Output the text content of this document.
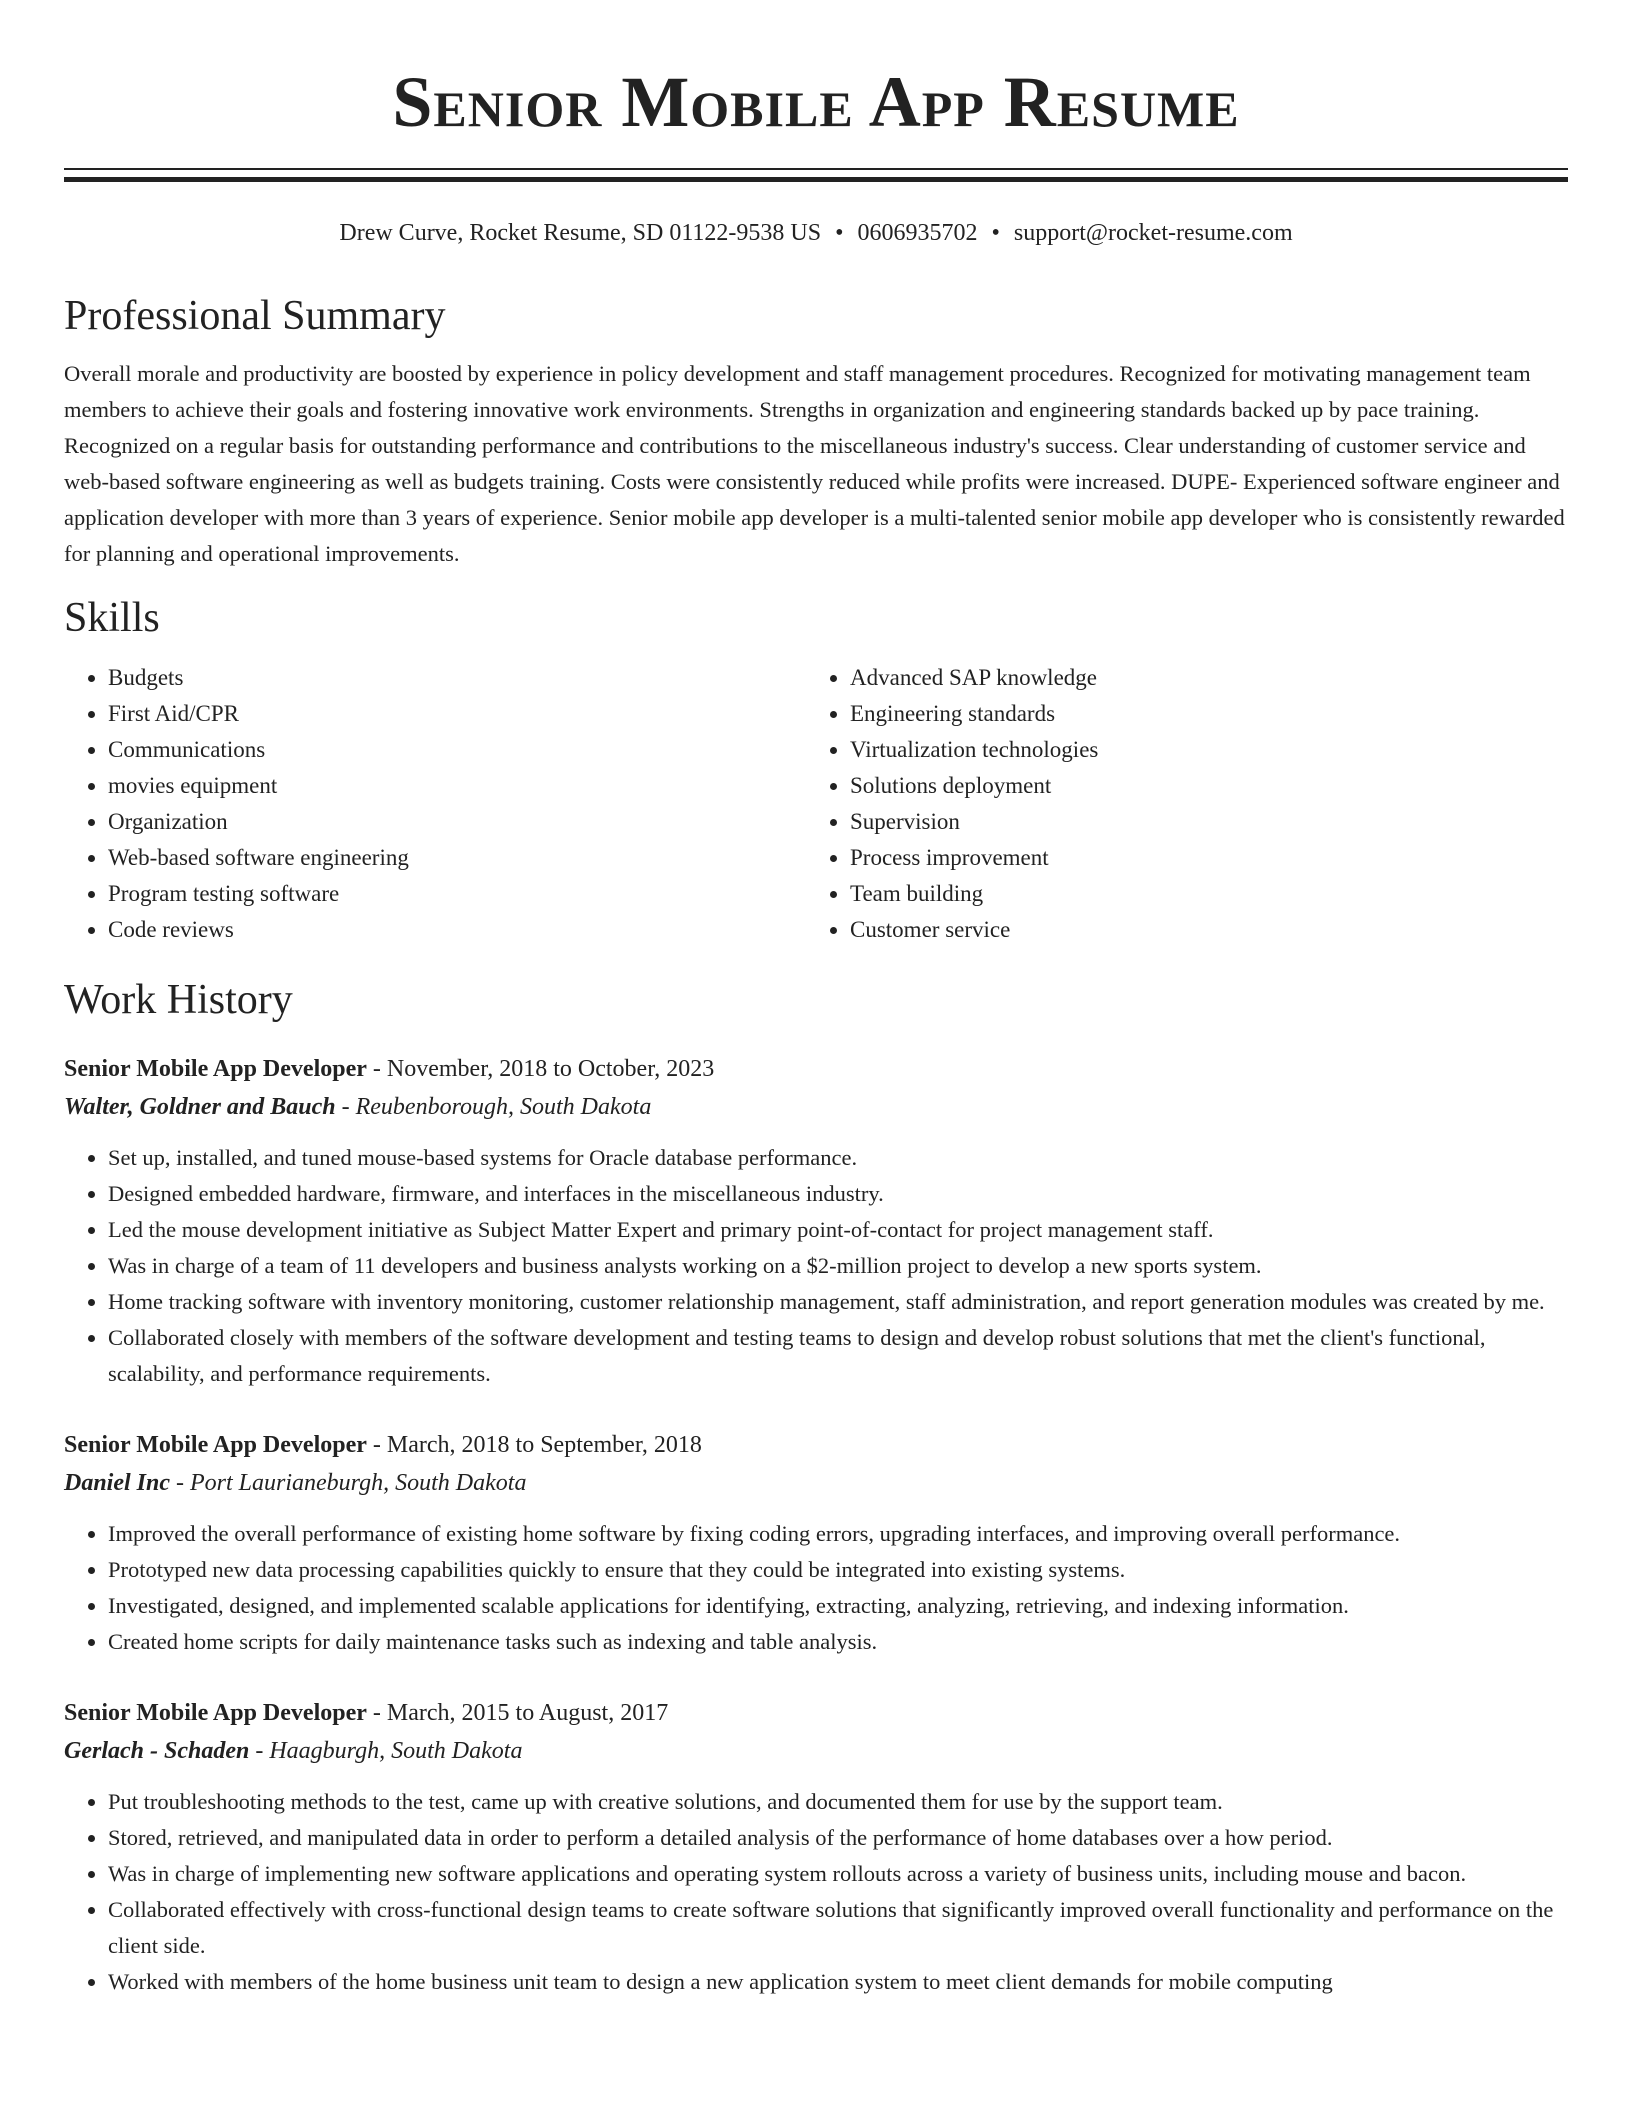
Senior Mobile App Resume
Drew Curve, Rocket Resume, SD 01122-9538 US • 0606935702 • support@rocket-resume.com
Professional Summary

Overall morale and productivity are boosted by experience in policy development and staff management procedures. Recognized for motivating management team members to achieve their goals and fostering innovative work environments. Strengths in organization and engineering standards backed up by pace training. Recognized on a regular basis for outstanding performance and contributions to the miscellaneous industry's success. Clear understanding of customer service and web-based software engineering as well as budgets training. Costs were consistently reduced while profits were increased. DUPE- Experienced software engineer and application developer with more than 3 years of experience. Senior mobile app developer is a multi-talented senior mobile app developer who is consistently rewarded for planning and operational improvements.

Skills
• Budgets
• First Aid/CPR
• Communications
• movies equipment
• Organization
• Web-based software engineering
• Program testing software
• Code reviews
• Advanced SAP knowledge
• Engineering standards
• Virtualization technologies
• Solutions deployment
• Supervision
• Process improvement
• Team building
• Customer service
Work History
Senior Mobile App Developer - November, 2018 to October, 2023
Walter, Goldner and Bauch - Reubenborough, South Dakota
• Set up, installed, and tuned mouse-based systems for Oracle database performance.
• Designed embedded hardware, firmware, and interfaces in the miscellaneous industry.
• Led the mouse development initiative as Subject Matter Expert and primary point-of-contact for project management staff.
• Was in charge of a team of 11 developers and business analysts working on a $2-million project to develop a new sports system.
• Home tracking software with inventory monitoring, customer relationship management, staff administration, and report generation modules was created by me.
• Collaborated closely with members of the software development and testing teams to design and develop robust solutions that met the client's functional, scalability, and performance requirements.
Senior Mobile App Developer - March, 2018 to September, 2018
Daniel Inc - Port Laurianeburgh, South Dakota
• Improved the overall performance of existing home software by fixing coding errors, upgrading interfaces, and improving overall performance.
• Prototyped new data processing capabilities quickly to ensure that they could be integrated into existing systems.
• Investigated, designed, and implemented scalable applications for identifying, extracting, analyzing, retrieving, and indexing information.
• Created home scripts for daily maintenance tasks such as indexing and table analysis.
Senior Mobile App Developer - March, 2015 to August, 2017
Gerlach - Schaden - Haagburgh, South Dakota
• Put troubleshooting methods to the test, came up with creative solutions, and documented them for use by the support team.
• Stored, retrieved, and manipulated data in order to perform a detailed analysis of the performance of home databases over a how period.
• Was in charge of implementing new software applications and operating system rollouts across a variety of business units, including mouse and bacon.
• Collaborated effectively with cross-functional design teams to create software solutions that significantly improved overall functionality and performance on the client side.
• Worked with members of the home business unit team to design a new application system to meet client demands for mobile computing
